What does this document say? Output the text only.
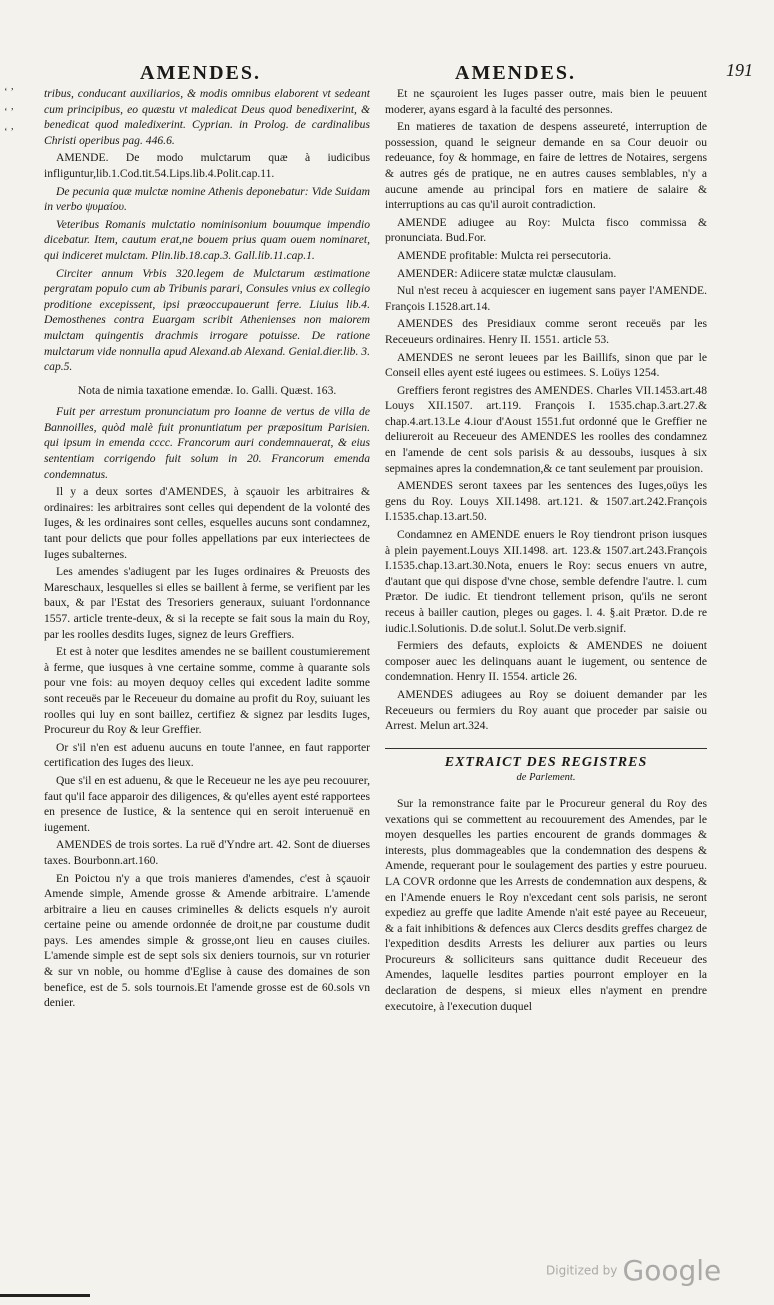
AMENDES.	AMENDES.	191
‘ ’ ‘ ’ ‘ ’

tribus, conducant auxiliarios, & modis omnibus elaborent vt sedeant cum principibus, eo quæstu vt maledicat Deus quod benedixerint, & benedicat quod maledixerint. Cyprian. in Prolog. de cardinalibus Christi operibus pag. 446.6.

AMENDE. De modo mulctarum quæ à iudicibus infliguntur,lib.1.Cod.tit.54.Lips.lib.4.Polit.cap.11.

De pecunia quæ mulctæ nomine Athenis deponebatur: Vide Suidam in verbo ψυμαίου.

Veteribus Romanis mulctatio nominisonium bouumque impendio dicebatur. Item, cautum erat,ne bouem prius quam ouem nominaret, qui indiceret mulctam. Plin.lib.18.cap.3. Gall.lib.11.cap.1.

Circiter annum Vrbis 320.legem de Mulctarum æstimatione pergratam populo cum ab Tribunis parari, Consules vnius ex collegio proditione excepissent, ipsi præoccupauerunt ferre. Liuius lib.4. Demosthenes contra Euargam scribit Athenienses non maiorem mulctam quingentis drachmis irrogare potuisse. De ratione mulctarum vide nonnulla apud Alexand.ab Alexand. Genial.dier.lib. 3. cap.5.

Nota de nimia taxatione emendæ. Io. Galli. Quæst. 163.

Fuit per arrestum pronunciatum pro Ioanne de vertus de villa de Bannoilles, quòd malè fuit pronuntiatum per præpositum Parisien. qui ipsum in emenda cccc. Francorum auri condemnauerat, & eius sententiam corrigendo fuit solum in 20. Francorum emenda condemnatus.

Il y a deux sortes d'AMENDES, à sçauoir les arbitraires & ordinaires: les arbitraires sont celles qui dependent de la volonté des Iuges, & les ordinaires sont celles, esquelles aucuns sont condamnez, tant pour delicts que pour folles appellations par eux interiectees de Iuges subalternes.

Les amendes s'adiugent par les Iuges ordinaires & Preuosts des Mareschaux, lesquelles si elles se baillent à ferme, se verifient par les baux, & par l'Estat des Tresoriers generaux, suiuant l'ordonnance 1557. article trente-deux, & si la recepte se fait sous la main du Roy, par les roolles desdits Iuges, signez de leurs Greffiers.

Et est à noter que lesdites amendes ne se baillent coustumierement à ferme, que iusques à vne certaine somme, comme à quarante sols pour vne fois: au moyen dequoy celles qui excedent ladite somme sont receuës par le Receueur du domaine au profit du Roy, suiuant les roolles qui luy en sont baillez, certifiez & signez par lesdits Iuges, Procureur du Roy & leur Greffier.

Or s'il n'en est aduenu aucuns en toute l'annee, en faut rapporter certification des Iuges des lieux.

Que s'il en est aduenu, & que le Receueur ne les aye peu recouurer, faut qu'il face apparoir des diligences, & qu'elles ayent esté rapportees en presence de Iustice, & la sentence qui en seroit interuenuë en iugement.

AMENDES de trois sortes. La ruë d'Yndre art. 42. Sont de diuerses taxes. Bourbonn.art.160.

En Poictou n'y a que trois manieres d'amendes, c'est à sçauoir Amende simple, Amende grosse & Amende arbitraire. L'amende arbitraire a lieu en causes criminelles & delicts esquels n'y auroit certaine peine ou amende ordonnée de droit,ne par coustume dudit pays. Les amendes simple & grosse,ont lieu en causes ciuiles. L'amende simple est de sept sols six deniers tournois, sur vn roturier & sur vn noble, ou homme d'Eglise à cause des domaines de son benefice, est de 5. sols tournois.Et l'amende grosse est de 60.sols vn denier.

Et ne sçauroient les Iuges passer outre, mais bien le peuuent moderer, ayans esgard à la faculté des personnes.

En matieres de taxation de despens asseureté, interruption de possession, quand le seigneur demande en sa Cour deuoir ou redeuance, foy & hommage, en faire de lettres de Notaires, sergens & autres gés de pratique, ne en autres causes semblables, n'y a aucune amende au principal fors en matiere de salaire & interruptions au cas qu'il auroit contradiction.

AMENDE adiugee au Roy: Mulcta fisco commissa & pronunciata. Bud.For.

AMENDE profitable: Mulcta rei persecutoria.

AMENDER: Adiicere statæ mulctæ clausulam.

Nul n'est receu à acquiescer en iugement sans payer l'AMENDE. François I.1528.art.14.

AMENDES des Presidiaux comme seront receuës par les Receueurs ordinaires. Henry II. 1551. article 53.

AMENDES ne seront leuees par les Baillifs, sinon que par le Conseil elles ayent esté iugees ou estimees. S. Loüys 1254.

Greffiers feront registres des AMENDES. Charles VII.1453.art.48 Louys XII.1507. art.119. François I. 1535.chap.3.art.27.& chap.4.art.13.Le 4.iour d'Aoust 1551.fut ordonné que le Greffier ne deliureroit au Receueur des AMENDES les roolles des condamnez en l'amende de cent sols parisis & au dessoubs, iusques à six sepmaines apres la condemnation,& ce tant seulement par prouision.

AMENDES seront taxees par les sentences des Iuges,oüys les gens du Roy. Louys XII.1498. art.121. & 1507.art.242.François I.1535.chap.13.art.50.

Condamnez en AMENDE enuers le Roy tiendront prison iusques à plein payement.Louys XII.1498. art. 123.& 1507.art.243.François I.1535.chap.13.art.30.Nota, enuers le Roy: secus enuers vn autre, d'autant que qui dispose d'vne chose, semble defendre l'autre. l. cum Prætor. De iudic. Et tiendront tellement prison, qu'ils ne seront receus à bailler caution, pleges ou gages. l. 4. §.ait Prætor. D.de re iudic.l.Solutionis. D.de solut.l. Solut.De verb.signif.

Fermiers des defauts, exploicts & AMENDES ne doiuent composer auec les delinquans auant le iugement, ou sentence de condemnation. Henry II. 1554. article 26.

AMENDES adiugees au Roy se doiuent demander par les Receueurs ou fermiers du Roy auant que proceder par saisie ou Arrest. Melun art.324.

EXTRAICT DES REGISTRES

de Parlement.

Sur la remonstrance faite par le Procureur general du Roy des vexations qui se commettent au recouurement des Amendes, par le moyen desquelles les parties encourent de grands dommages & interests, plus dommageables que la condemnation des despens & Amende, requerant pour le soulagement des parties y estre pourueu. LA COVR ordonne que les Arrests de condemnation aux despens, & en l'Amende enuers le Roy n'excedant cent sols parisis, ne seront expediez au greffe que ladite Amende n'ait esté payee au Receueur, & a fait inhibitions & defences aux Clercs desdits greffes chargez de l'expedition desdits Arrests les deliurer aux parties ou leurs Procureurs & solliciteurs sans quittance dudit Receueur des Amendes, laquelle lesdites parties pourront employer en la declaration de despens, si mieux elles n'ayment en prendre executoire, à l'execution duquel

Digitized by Google
